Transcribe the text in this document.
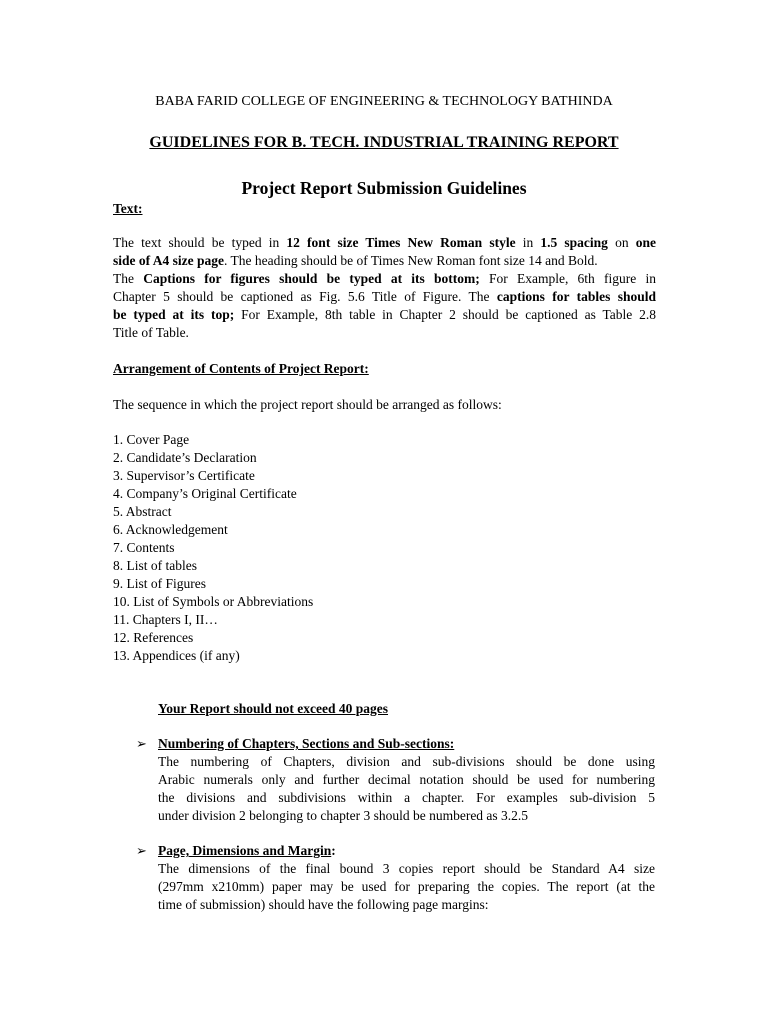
BABA FARID COLLEGE OF ENGINEERING & TECHNOLOGY BATHINDA
GUIDELINES FOR B. TECH. INDUSTRIAL TRAINING REPORT
Project Report Submission Guidelines
Text:
The text should be typed in 12 font size Times New Roman style in 1.5 spacing on one
side of A4 size page. The heading should be of Times New Roman font size 14 and Bold.
The Captions for figures should be typed at its bottom; For Example, 6th figure in
Chapter 5 should be captioned as Fig. 5.6 Title of Figure. The captions for tables should
be typed at its top; For Example, 8th table in Chapter 2 should be captioned as Table 2.8
Title of Table.
Arrangement of Contents of Project Report:
The sequence in which the project report should be arranged as follows:
1. Cover Page
2. Candidate’s Declaration
3. Supervisor’s Certificate
4. Company’s Original Certificate
5. Abstract
6. Acknowledgement
7. Contents
8. List of tables
9. List of Figures
10. List of Symbols or Abbreviations
11. Chapters I, II…
12. References
13. Appendices (if any)
Your Report should not exceed 40 pages
➢ Numbering of Chapters, Sections and Sub-sections:
The numbering of Chapters, division and sub-divisions should be done using
Arabic numerals only and further decimal notation should be used for numbering
the divisions and subdivisions within a chapter. For examples sub-division 5
under division 2 belonging to chapter 3 should be numbered as 3.2.5
➢ Page, Dimensions and Margin:
The dimensions of the final bound 3 copies report should be Standard A4 size
(297mm x210mm) paper may be used for preparing the copies. The report (at the
time of submission) should have the following page margins:
